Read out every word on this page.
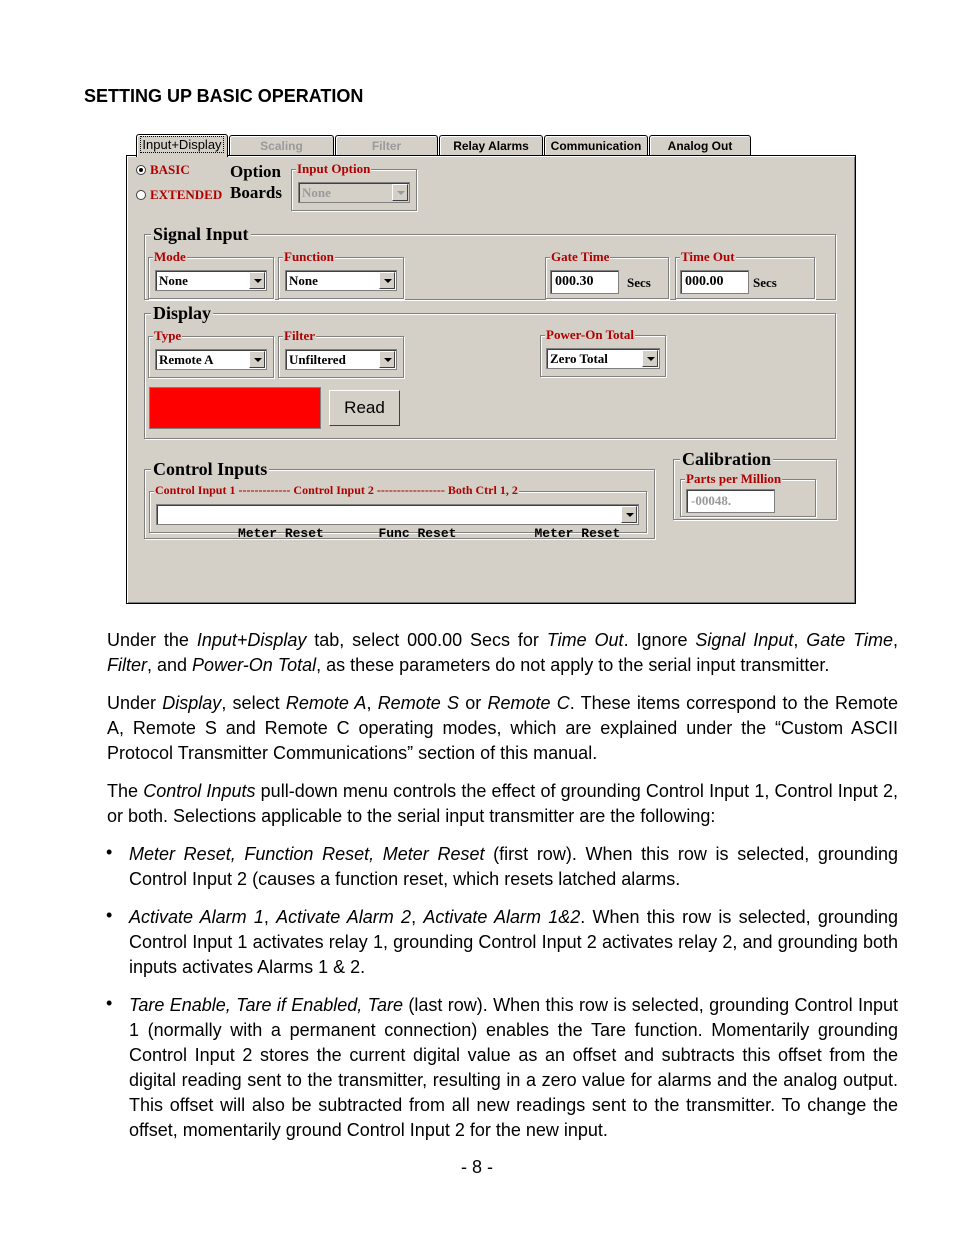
SETTING UP BASIC OPERATION
Input+Display	Scaling	Filter	Relay Alarms	Communication	Analog Out
BASIC
EXTENDED
Option
Boards
Input Option
None
Signal Input
Mode
None
Function
None
Gate Time
000.30	Secs
Time Out
000.00	Secs
Display
Type
Remote A
Filter
Unfiltered
Power-On Total
Zero Total
Read
Control Inputs
Control Input 1 ------------- Control Input 2 ----------------- Both Ctrl 1, 2

Meter Reset       Func Reset          Meter Reset

Calibration
Parts per Million
-00048.
Under the Input+Display tab, select 000.00 Secs for Time Out. Ignore Signal Input, Gate Time, Filter, and Power-On Total, as these parameters do not apply to the serial input transmitter.
Under Display, select Remote A, Remote S or Remote C. These items correspond to the Remote A, Remote S and Remote C operating modes, which are explained under the “Custom ASCII Protocol Transmitter Communications” section of this manual.
The Control Inputs pull-down menu controls the effect of grounding Control Input 1, Control Input 2, or both. Selections applicable to the serial input transmitter are the following:
• Meter Reset, Function Reset, Meter Reset (first row). When this row is selected, grounding Control Input 2 (causes a function reset, which resets latched alarms.
• Activate Alarm 1, Activate Alarm 2, Activate Alarm 1&2. When this row is selected, grounding Control Input 1 activates relay 1, grounding Control Input 2 activates relay 2, and grounding both inputs activates Alarms 1 & 2.
• Tare Enable, Tare if Enabled, Tare (last row). When this row is selected, grounding Control Input 1 (normally with a permanent connection) enables the Tare function. Momentarily grounding Control Input 2 stores the current digital value as an offset and subtracts this offset from the digital reading sent to the transmitter, resulting in a zero value for alarms and the analog output. This offset will also be subtracted from all new readings sent to the transmitter. To change the offset, momentarily ground Control Input 2 for the new input.
- 8 -
